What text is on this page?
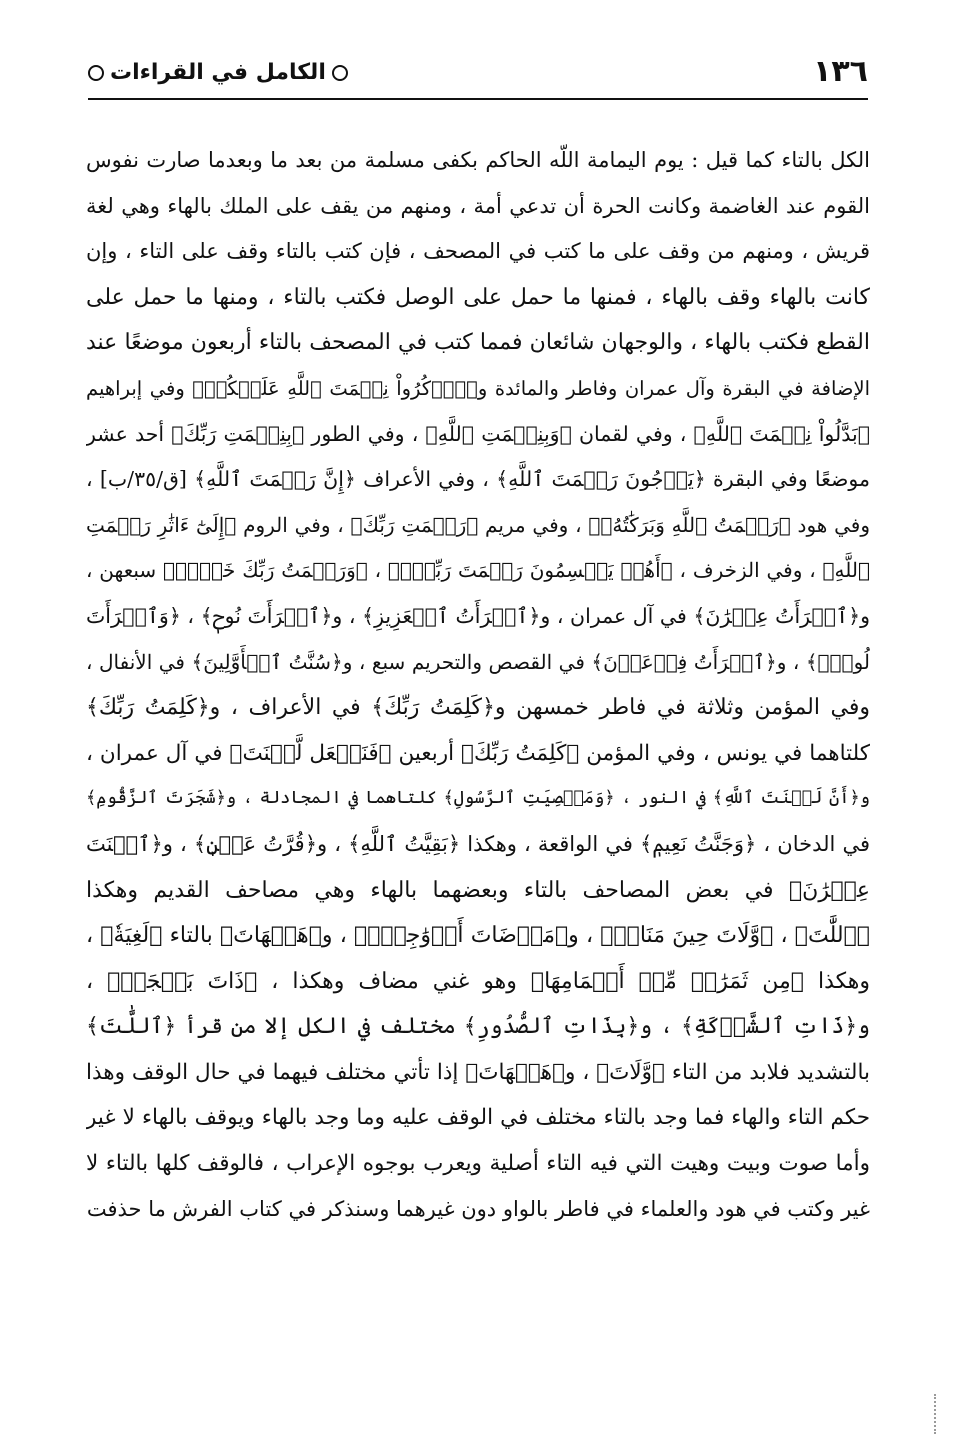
١٣٦
الكامل في القراءات
الكل بالتاء كما قيل : يوم اليمامة اللّه الحاكم بكفى مسلمة من بعد ما وبعدما صارت نفوس
القوم عند الغاضمة وكانت الحرة أن تدعي أمة ، ومنهم من يقف على الملك بالهاء وهي لغة
قريش ، ومنهم من وقف على ما كتب في المصحف ، فإن كتب بالتاء وقف على التاء ، وإن
كانت بالهاء وقف بالهاء ، فمنها ما حمل على الوصل فكتب بالتاء ، ومنها ما حمل على
القطع فكتب بالهاء ، والوجهان شائعان فمما كتب في المصحف بالتاء أربعون موضعًا عند
الإضافة في البقرة وآل عمران وفاطر والمائدة و﴿ٱذۡكُرُواْ نِعۡمَتَ ٱللَّهِ عَلَيۡكُمۡ﴾ وفي إبراهيم
﴿بَدَّلُواْ نِعۡمَتَ ٱللَّهِ﴾ ، وفي لقمان ﴿وَبِنِعۡمَتِ ٱللَّهِ﴾ ، وفي الطور ﴿بِنِعۡمَتِ رَبِّكَ﴾ أحد عشر
موضعًا وفي البقرة ﴿يَرۡجُونَ رَحۡمَتَ ٱللَّهِ﴾ ، وفي الأعراف ﴿إِنَّ رَحۡمَتَ ٱللَّهِ﴾ [ق/٣٥/ب] ،
وفي هود ﴿رَحۡمَتُ ٱللَّهِ وَبَرَكَٰتُهُۥ﴾ ، وفي مريم ﴿رَحۡمَتِ رَبِّكَ﴾ ، وفي الروم ﴿إِلَىٰٓ ءَاثَٰرِ رَحۡمَتِ
ٱللَّهِ﴾ ، وفي الزخرف ، ﴿أَهُمۡ يَقۡسِمُونَ رَحۡمَتَ رَبِّكَۚ﴾ ، ﴿وَرَحۡمَتُ رَبِّكَ خَيۡرٞ﴾ سبعهن ،
و﴿ٱمۡرَأَتُ عِمۡرَٰنَ﴾ في آل عمران ، و﴿ٱمۡرَأَتُ ٱلۡعَزِيزِ﴾ ، و﴿ٱمۡرَأَتَ نُوحٖ﴾ ، ﴿وَٱمۡرَأَتَ
لُوطٖۖ﴾ ، و﴿ٱمۡرَأَتُ فِرۡعَوۡنَ﴾ في القصص والتحريم سبع ، و﴿سُنَّتُ ٱلۡأَوَّلِينَ﴾ في الأنفال ،
وفي المؤمن وثلاثة في فاطر خمسهن و﴿كَلِمَتُ رَبِّكَ﴾ في الأعراف ، و﴿كَلِمَتُ رَبِّكَ﴾
كلتاهما في يونس ، وفي المؤمن ﴿كَلِمَتُ رَبِّكَ﴾ أربعين ﴿فَنَجۡعَل لَّعۡنَتَ﴾ في آل عمران ،
و﴿أَنَّ لَعۡنَتَ ٱللَّهِ﴾ في النور ، ﴿وَمَعۡصِيَتِ ٱلرَّسُولِ﴾ كلتاهما في المجادلة ، و﴿شَجَرَتَ ٱلزَّقُّومِ﴾
في الدخان ، ﴿وَجَنَّتُ نَعِيمٖ﴾ في الواقعة ، وهكذا ﴿بَقِيَّتُ ٱللَّهِ﴾ ، و﴿قُرَّتُ عَيۡنٖ﴾ ، و﴿ٱبۡنَتَ
عِمۡرَٰنَ﴾ في بعض المصاحف بالتاء وبعضهما بالهاء وهي مصاحف القديم وهكذا
﴿ٱللَّٰتَ﴾ ، ﴿وَّلَاتَ حِينَ مَنَاصٖ﴾ ، و﴿مَرۡضَاتَ أَزۡوَٰجِكَۚ﴾ ، و﴿هَيۡهَاتَ﴾ بالتاء ﴿لَغِيَةٗ﴾ ،
وهكذا ﴿مِن ثَمَرَٰتٖ مِّنۡ أَكۡمَامِهَا﴾ وهو غني مضاف وهكذا ، ﴿ذَاتَ بَهۡجَةٖ﴾ ،
و﴿ذَاتِ ٱلشَّوۡكَةِ﴾ ، و﴿بِذَاتِ ٱلصُّدُورِ﴾ مختلف في الكل إلا من قرأ ﴿ٱللَّٰتَ﴾
بالتشديد فلابد من التاء ﴿وَّلَاتَ﴾ ، و﴿هَيۡهَاتَ﴾ إذا تأتي مختلف فيهما في حال الوقف وهذا
حكم التاء والهاء فما وجد بالتاء مختلف في الوقف عليه وما وجد بالهاء ويوقف بالهاء لا غير
وأما صوت وبيت وهيت التي فيه التاء أصلية ويعرب بوجوه الإعراب ، فالوقف كلها بالتاء لا
غير وكتب في هود والعلماء في فاطر بالواو دون غيرهما وسنذكر في كتاب الفرش ما حذفت
